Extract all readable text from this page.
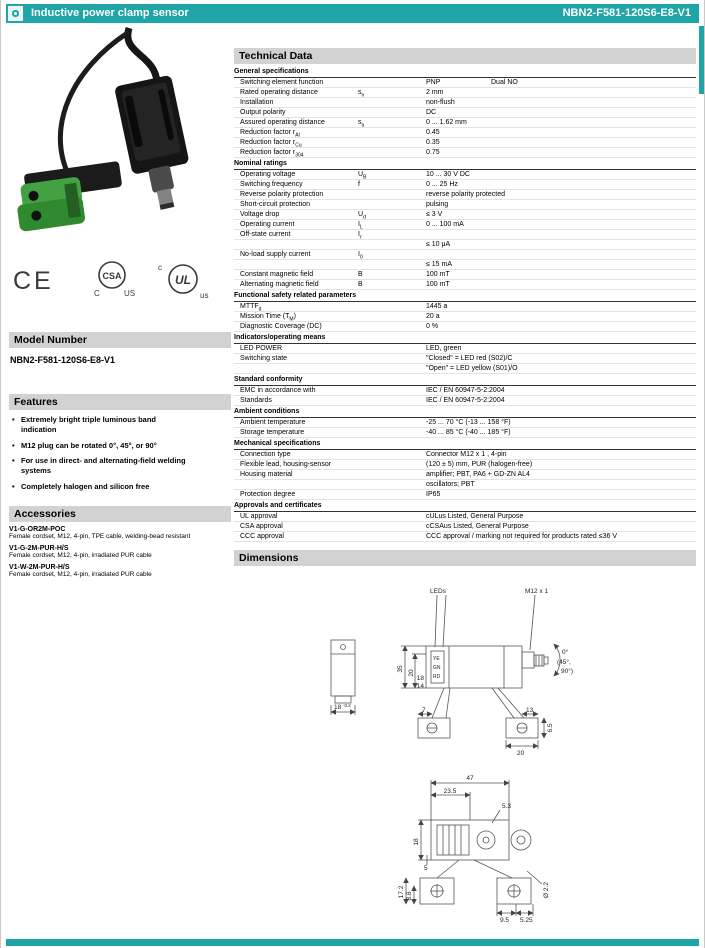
Inductive power clamp sensor	NBN2-F581-120S6-E8-V1
CE	CSA
C	US
c
UL
us
Model Number
NBN2-F581-120S6-E8-V1
Features
• Extremely bright triple luminous band indication
• M12 plug can be rotated 0°, 45°, or 90°
• For use in direct- and alternating-field welding systems
• Completely halogen and silicon free
Accessories
V1-G-OR2M-POC
Female cordset, M12, 4-pin, TPE cable, welding-bead resistant
V1-G-2M-PUR-H/S
Female cordset, M12, 4-pin, irradiated PUR cable
V1-W-2M-PUR-H/S
Female cordset, M12, 4-pin, irradiated PUR cable
Technical Data
General specifications
Switching element function	PNP	Dual NO
Rated operating distance	$s_n$	2 mm
Installation	non-flush
Output polarity	DC
Assured operating distance	$s_a$	0 ... 1.62 mm
Reduction factor $r_{Al}$	0.45
Reduction factor $r_{Cu}$	0.35
Reduction factor $r_{304}$	0.75
Nominal ratings
Operating voltage	$U_B$	10 ... 30 V DC
Switching frequency	f	0 ... 25 Hz
Reverse polarity protection	reverse polarity protected
Short-circuit protection	pulsing
Voltage drop	$U_d$	≤ 3 V
Operating current	$I_L$	0 ... 100 mA
Off-state current	$I_r$
≤ 10 μA
No-load supply current	$I_0$
≤ 15 mA
Constant magnetic field	B	100 mT
Alternating magnetic field	B	100 mT
Functional safety related parameters
$MTTF_d$	1445 a
Mission Time $(T_M)$	20 a
Diagnostic Coverage (DC)	0 %
Indicators/operating means
LED POWER	LED, green
Switching state	"Closed" = LED red (S02)/C
"Open" = LED yellow (S01)/O
Standard conformity
EMC in accordance with	IEC / EN 60947-5-2:2004
Standards	IEC / EN 60947-5-2:2004
Ambient conditions
Ambient temperature	-25 ... 70 °C (-13 ... 158 °F)
Storage temperature	-40 ... 85 °C (-40 ... 185 °F)
Mechanical specifications
Connection type	Connector M12 x 1 , 4-pin
Flexible lead, housing-sensor	(120 ± 5) mm, PUR (halogen-free)
Housing material	amplifier; PBT, PA6 + GD-ZN AL4
oscillators; PBT
Protection degree	IP65
Approvals and certificates
UL approval	cULus Listed, General Purpose
CSA approval	cCSAus Listed, General Purpose
CCC approval	CCC approval / marking not required for products rated ≤36 V
Dimensions
LEDs	M12 x 1
YE
GN
RD
35
20
18
14
0°
(45°,
90°)
18 -0.2
7	13
20
6.5
47
23.5
5.3
18
5
17.2 8.6
9.5 5.25
Ø 2.2
